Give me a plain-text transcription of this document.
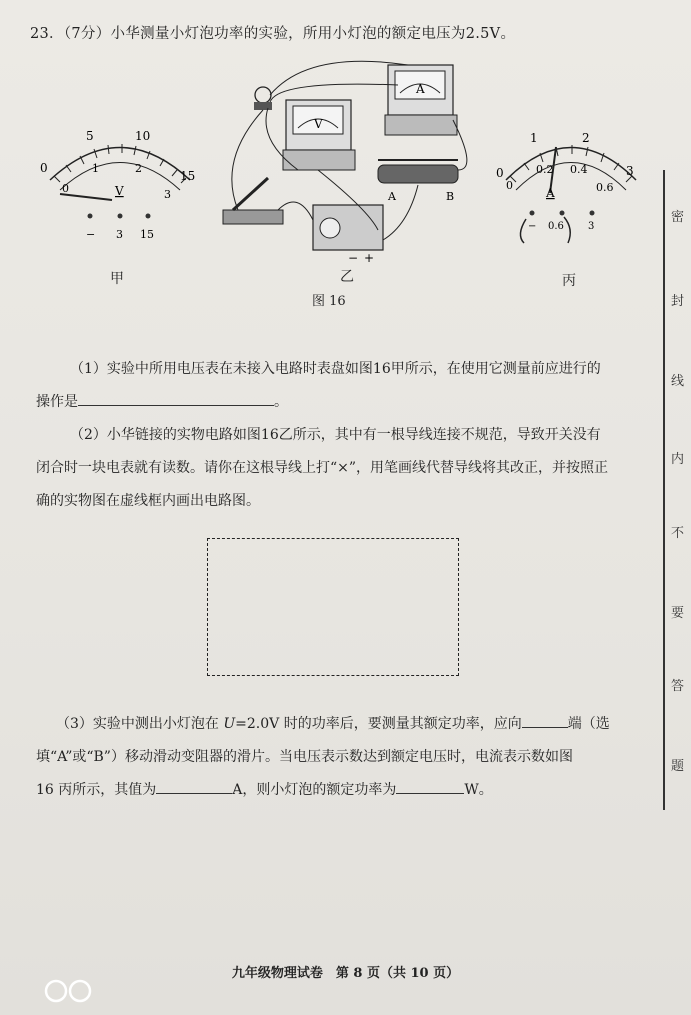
23．（7分）小华测量小灯泡功率的实验，所用小灯泡的额定电压为2.5V。
0
5	10
15
0
1	2
3
V
− 3 15
V
A
− +
A	B
0
1	2
3
0
0.2 0.4
0.6
A
− 0.6 3
甲	乙	丙
图 16
（1）实验中所用电压表在未接入电路时表盘如图16甲所示，在使用它测量前应进行的
操作是	。
（2）小华链接的实物电路如图16乙所示，其中有一根导线连接不规范，导致开关没有
闭合时一块电表就有读数。请你在这根导线上打“×”，用笔画线代替导线将其改正，并按照正
确的实物图在虚线框内画出电路图。
（3）实验中测出小灯泡在 U=2.0V 时的功率后，要测量其额定功率，应向	端（选
填“A”或“B”）移动滑动变阻器的滑片。当电压表示数达到额定电压时，电流表示数如图
16 丙所示，其值为	A，则小灯泡的额定功率为	W。
密
封
线
内
不
要
答
题
九年级物理试卷　第 8 页（共 10 页）
